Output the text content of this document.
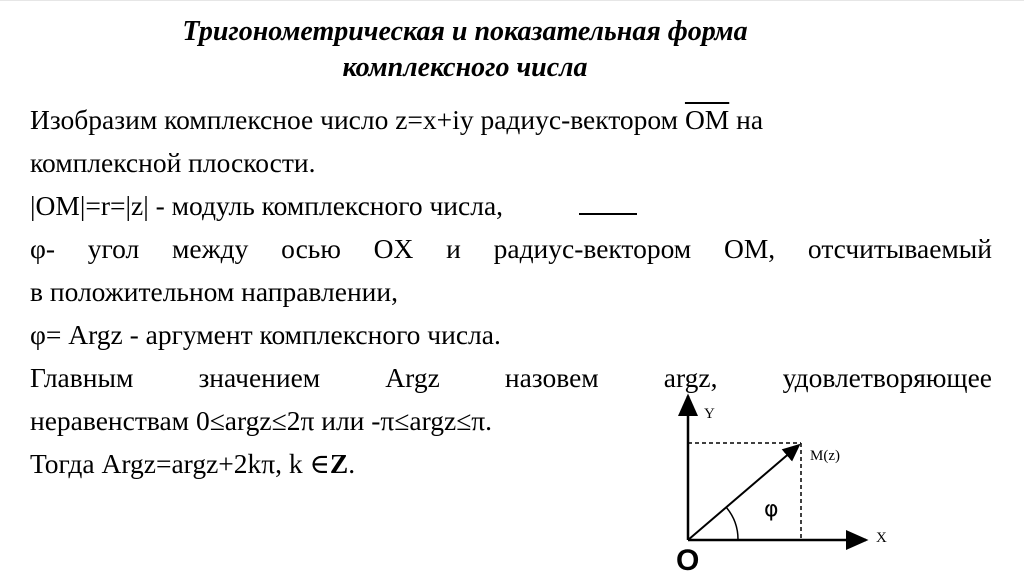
Тригонометрическая и показательная форма
комплексного числа
Изобразим комплексное число z=x+iy радиус-вектором $\overline{OM}$ на
комплексной плоскости.
|OM|=r=|z| - модуль комплексного числа,
φ- угол между осью OX и радиус-вектором OM, отсчитываемый
в положительном направлении,
φ= Argz - аргумент комплексного числа.
Главным значением Argz назовем argz, удовлетворяющее
неравенствам 0≤argz≤2π или -π≤argz≤π.
Тогда Argz=argz+2kπ, k ∈Z.
Y
X
M(z)
φ
O
